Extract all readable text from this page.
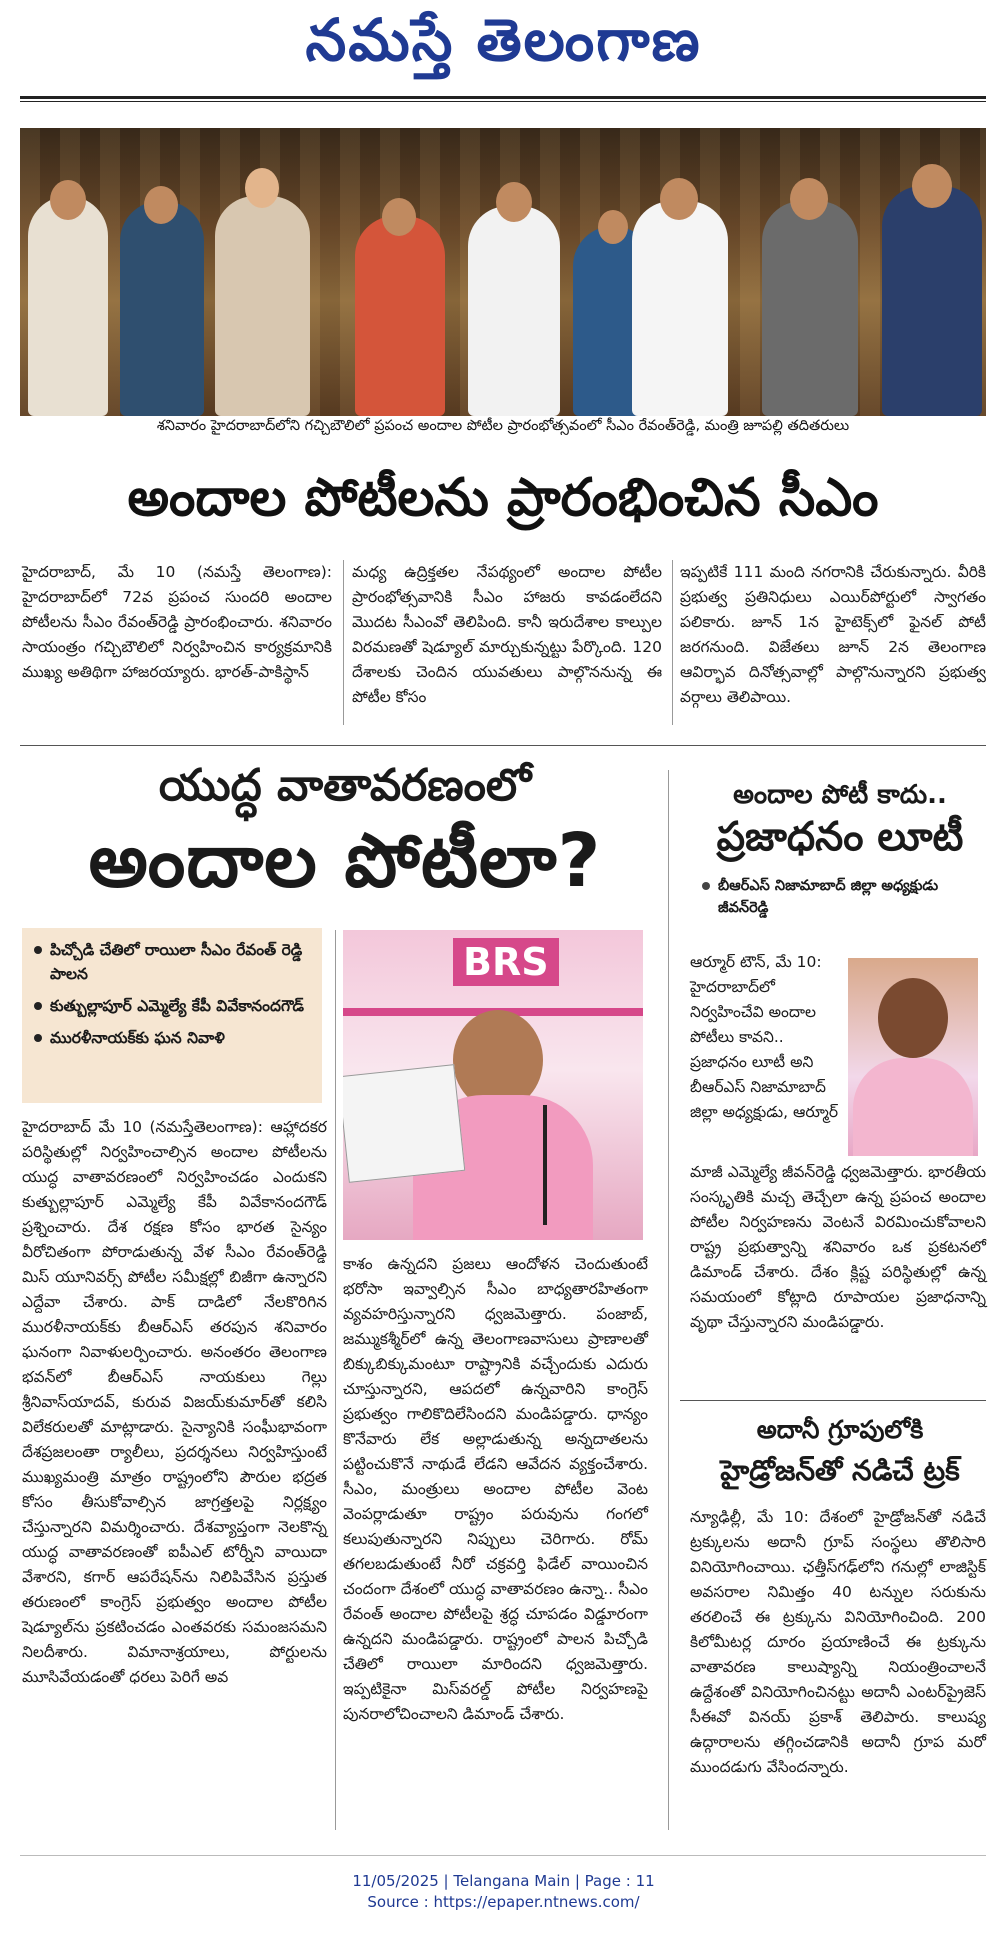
నమస్తే తెలంగాణ
శనివారం హైదరాబాద్‌లోని గచ్చిబౌలిలో ప్రపంచ అందాల పోటీల ప్రారంభోత్సవంలో సీఎం రేవంత్‌రెడ్డి, మంత్రి జూపల్లి తదితరులు
అందాల పోటీలను ప్రారంభించిన సీఎం
హైదరాబాద్, మే 10 (నమస్తే తెలంగాణ): హైదరాబాద్‌లో 72వ ప్రపంచ సుందరి అందాల పోటీలను సీఎం రేవంత్‌రెడ్డి ప్రారంభించారు. శనివారం సాయంత్రం గచ్చిబౌలిలో నిర్వహించిన కార్యక్రమానికి ముఖ్య అతిథిగా హాజరయ్యారు. భారత్-పాకిస్థాన్
మధ్య ఉద్రిక్తతల నేపథ్యంలో అందాల పోటీల ప్రారంభోత్సవానికి సీఎం హాజరు కావడంలేదని మొదట సీఎంవో తెలిపింది. కానీ ఇరుదేశాల కాల్పుల విరమణతో షెడ్యూల్ మార్చుకున్నట్టు పేర్కొంది. 120 దేశాలకు చెందిన యువతులు పాల్గొననున్న ఈ పోటీల కోసం
ఇప్పటికే 111 మంది నగరానికి చేరుకున్నారు. వీరికి ప్రభుత్వ ప్రతినిధులు ఎయిర్‌పోర్టులో స్వాగతం పలికారు. జూన్ 1న హైటెక్స్‌లో ఫైనల్ పోటీ జరగనుంది. విజేతలు జూన్ 2న తెలంగాణ ఆవిర్భావ దినోత్సవాల్లో పాల్గొనున్నారని ప్రభుత్వ వర్గాలు తెలిపాయి.
యుద్ధ వాతావరణంలో
అందాల పోటీలా?
పిచ్చోడి చేతిలో రాయిలా సీఎం రేవంత్ రెడ్డి పాలన
కుత్బుల్లాపూర్ ఎమ్మెల్యే కేపీ వివేకానందగౌడ్
మురళీనాయక్‌కు ఘన నివాళి
BRS
హైదరాబాద్ మే 10 (నమస్తేతెలంగాణ): ఆహ్లాదకర పరిస్థితుల్లో నిర్వహించాల్సిన అందాల పోటీలను యుద్ధ వాతావరణంలో నిర్వహించడం ఎందుకని కుత్బుల్లాపూర్ ఎమ్మెల్యే కేపీ వివేకానందగౌడ్ ప్రశ్నించారు. దేశ రక్షణ కోసం భారత సైన్యం వీరోచితంగా పోరాడుతున్న వేళ సీఎం రేవంత్‌రెడ్డి మిస్ యూనివర్స్ పోటీల సమీక్షల్లో బిజీగా ఉన్నారని ఎద్దేవా చేశారు. పాక్ దాడిలో నేలకొరిగిన మురళీనాయక్‌కు బీఆర్‌ఎస్ తరపున శనివారం ఘనంగా నివాళులర్పించారు. అనంతరం తెలంగాణ భవన్‌లో బీఆర్‌ఎస్ నాయకులు గెల్లు శ్రీనివాస్‌యాదవ్, కురువ విజయ్‌కుమార్‌తో కలిసి విలేకరులతో మాట్లాడారు. సైన్యానికి సంఘీభావంగా దేశప్రజలంతా ర్యాలీలు, ప్రదర్శనలు నిర్వహిస్తుంటే ముఖ్యమంత్రి మాత్రం రాష్ట్రంలోని పౌరుల భద్రత కోసం తీసుకోవాల్సిన జాగ్రత్తలపై నిర్లక్ష్యం చేస్తున్నారని విమర్శించారు. దేశవ్యాప్తంగా నెలకొన్న యుద్ధ వాతావరణంతో ఐపీఎల్ టోర్నీని వాయిదా వేశారని, కగార్ ఆపరేషన్‌ను నిలిపివేసిన ప్రస్తుత తరుణంలో కాంగ్రెస్ ప్రభుత్వం అందాల పోటీల షెడ్యూల్‌ను ప్రకటించడం ఎంతవరకు సమంజసమని నిలదీశారు. విమానాశ్రయాలు, పోర్టులను మూసివేయడంతో ధరలు పెరిగే అవ
కాశం ఉన్నదని ప్రజలు ఆందోళన చెందుతుంటే భరోసా ఇవ్వాల్సిన సీఎం బాధ్యతారహితంగా వ్యవహరిస్తున్నారని ధ్వజమెత్తారు. పంజాబ్, జమ్ముకశ్మీర్‌లో ఉన్న తెలంగాణవాసులు ప్రాణాలతో బిక్కుబిక్కుమంటూ రాష్ట్రానికి వచ్చేందుకు ఎదురు చూస్తున్నారని, ఆపదలో ఉన్నవారిని కాంగ్రెస్ ప్రభుత్వం గాలికొదిలేసిందని మండిపడ్డారు. ధాన్యం కొనేవారు లేక అల్లాడుతున్న అన్నదాతలను పట్టించుకొనే నాథుడే లేడని ఆవేదన వ్యక్తంచేశారు. సీఎం, మంత్రులు అందాల పోటీల వెంట వెంపర్లాడుతూ రాష్ట్రం పరువును గంగలో కలుపుతున్నారని నిప్పులు చెరిగారు. రోమ్ తగలబడుతుంటే నీరో చక్రవర్తి ఫిడేల్ వాయించిన చందంగా దేశంలో యుద్ధ వాతావరణం ఉన్నా.. సీఎం రేవంత్ అందాల పోటీలపై శ్రద్ధ చూపడం విడ్డూరంగా ఉన్నదని మండిపడ్డారు. రాష్ట్రంలో పాలన పిచ్చోడి చేతిలో రాయిలా మారిందని ధ్వజమెత్తారు. ఇప్పటికైనా మిస్‌వరల్డ్ పోటీల నిర్వహణపై పునరాలోచించాలని డిమాండ్ చేశారు.
అందాల పోటీ కాదు..
ప్రజాధనం లూటీ
బీఆర్‌ఎస్ నిజామాబాద్ జిల్లా అధ్యక్షుడు జీవన్‌రెడ్డి
ఆర్మూర్ టౌన్, మే 10: హైదరాబాద్‌లో నిర్వహించేవి అందాల పోటీలు కావని.. ప్రజాధనం లూటీ అని బీఆర్‌ఎస్ నిజామాబాద్ జిల్లా అధ్యక్షుడు, ఆర్మూర్
మాజీ ఎమ్మెల్యే జీవన్‌రెడ్డి ధ్వజమెత్తారు. భారతీయ సంస్కృతికి మచ్చ తెచ్చేలా ఉన్న ప్రపంచ అందాల పోటీల నిర్వహణను వెంటనే విరమించుకోవాలని రాష్ట్ర ప్రభుత్వాన్ని శనివారం ఒక ప్రకటనలో డిమాండ్ చేశారు. దేశం క్లిష్ట పరిస్థితుల్లో ఉన్న సమయంలో కోట్లాది రూపాయల ప్రజాధనాన్ని వృథా చేస్తున్నారని మండిపడ్డారు.
అదానీ గ్రూపులోకి
హైడ్రోజన్‌తో నడిచే ట్రక్
న్యూఢిల్లీ, మే 10: దేశంలో హైడ్రోజన్‌తో నడిచే ట్రక్కులను అదానీ గ్రూప్ సంస్థలు తొలిసారి వినియోగించాయి. ఛత్తీస్‌గఢ్‌లోని గనుల్లో లాజిస్టిక్ అవసరాల నిమిత్తం 40 టన్నుల సరుకును తరలించే ఈ ట్రక్కును వినియోగించింది. 200 కిలోమీటర్ల దూరం ప్రయాణించే ఈ ట్రక్కును వాతావరణ కాలుష్యాన్ని నియంత్రించాలనే ఉద్దేశంతో వినియోగించినట్టు అదానీ ఎంటర్‌ప్రైజెస్ సీఈవో వినయ్ ప్రకాశ్ తెలిపారు. కాలుష్య ఉద్గారాలను తగ్గించడానికి అదానీ గ్రూప మరో ముందడుగు వేసిందన్నారు.
11/05/2025 | Telangana Main | Page : 11
Source : https://epaper.ntnews.com/
